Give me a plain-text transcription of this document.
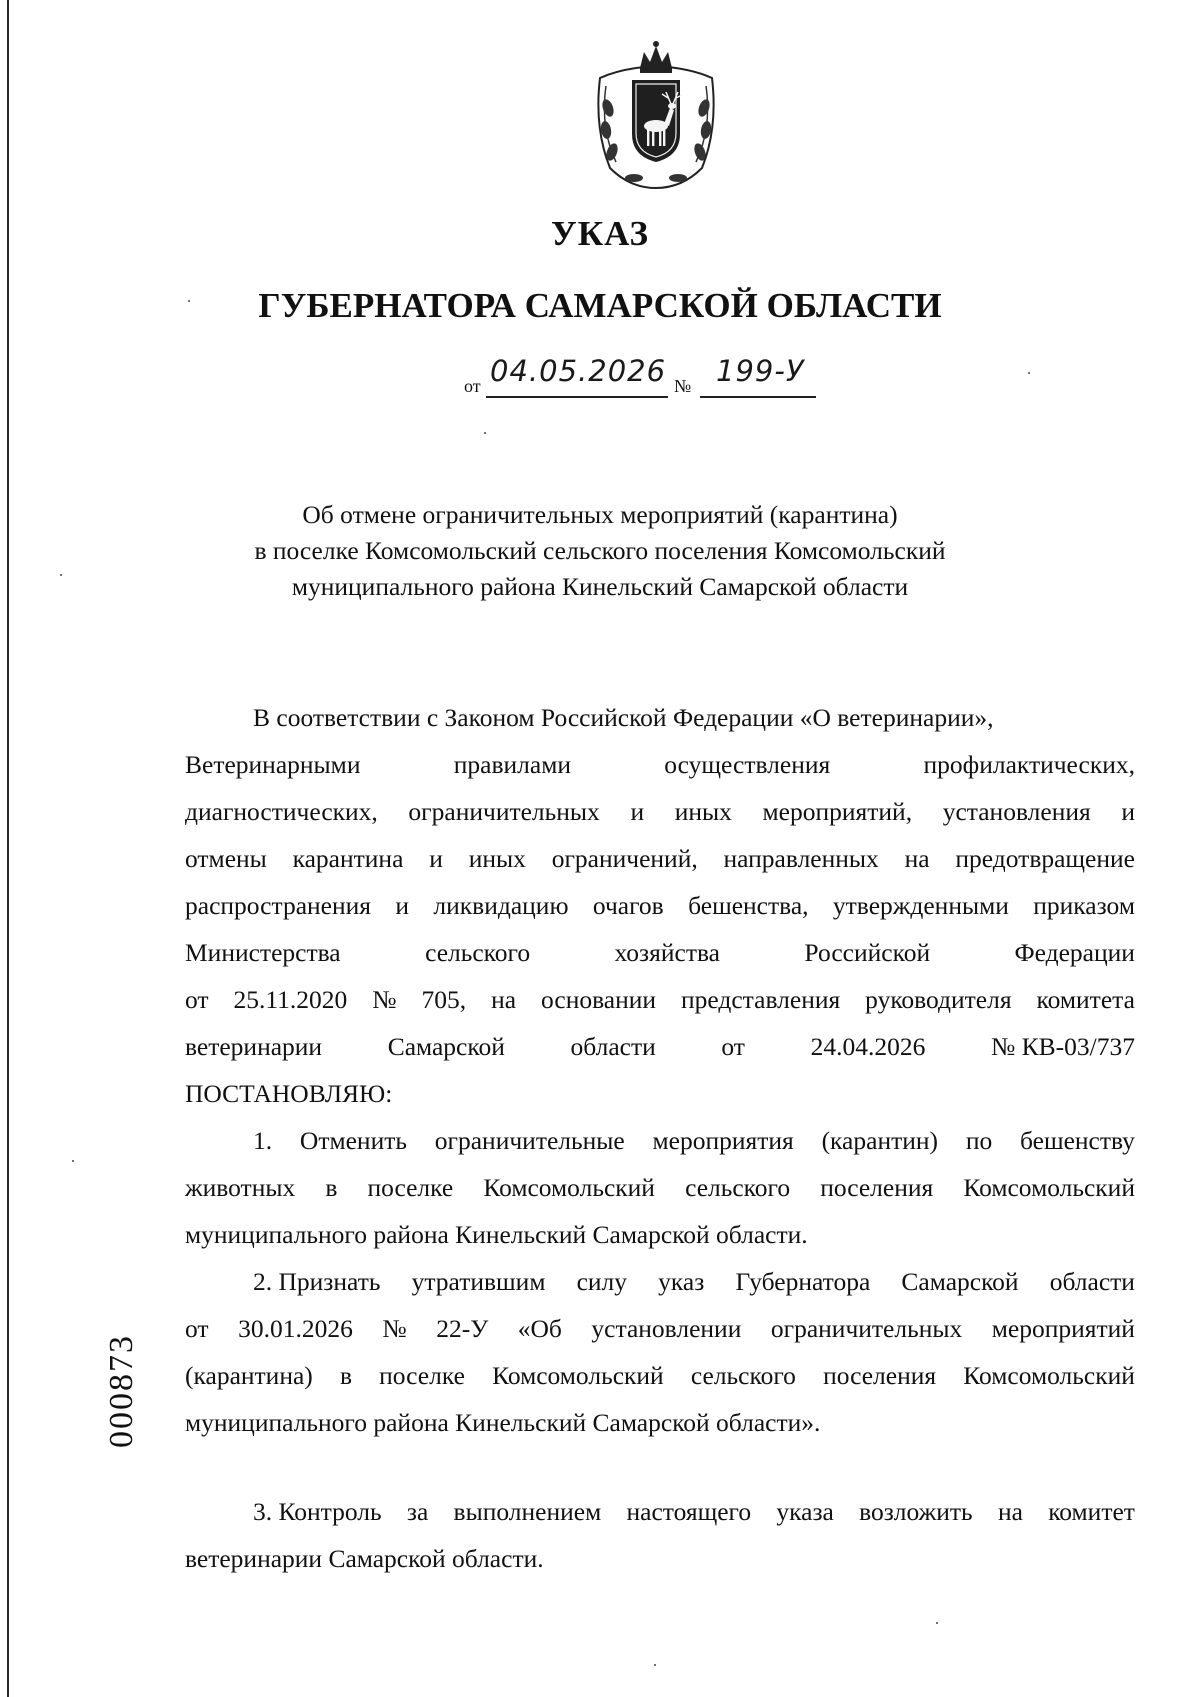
УКАЗ
ГУБЕРНАТОРА САМАРСКОЙ ОБЛАСТИ
от 04.05.2026 № 199-У
Об отмене ограничительных мероприятий (карантина)
в поселке Комсомольский сельского поселения Комсомольский
муниципального района Кинельский Самарской области
В соответствии с Законом Российской Федерации «О ветеринарии»,
Ветеринарными	правилами	осуществления	профилактических,
диагностических, ограничительных и иных мероприятий, установления и
отмены карантина и иных ограничений, направленных на предотвращение
распространения и ликвидацию очагов бешенства, утвержденными приказом
Министерства	сельского	хозяйства	Российской	Федерации
от 25.11.2020 № 705, на основании представления руководителя комитета
ветеринарии	Самарской	области	от	24.04.2026	№ КВ-03/737
ПОСТАНОВЛЯЮ:
1. Отменить ограничительные мероприятия (карантин) по бешенству
животных в поселке Комсомольский сельского поселения Комсомольский
муниципального района Кинельский Самарской области.
2. Признать утратившим силу указ Губернатора Самарской области
от 30.01.2026 № 22-У «Об установлении ограничительных мероприятий
(карантина) в поселке Комсомольский сельского поселения Комсомольский
муниципального района Кинельский Самарской области».
3. Контроль за выполнением настоящего указа возложить на комитет
ветеринарии Самарской области.
000873
